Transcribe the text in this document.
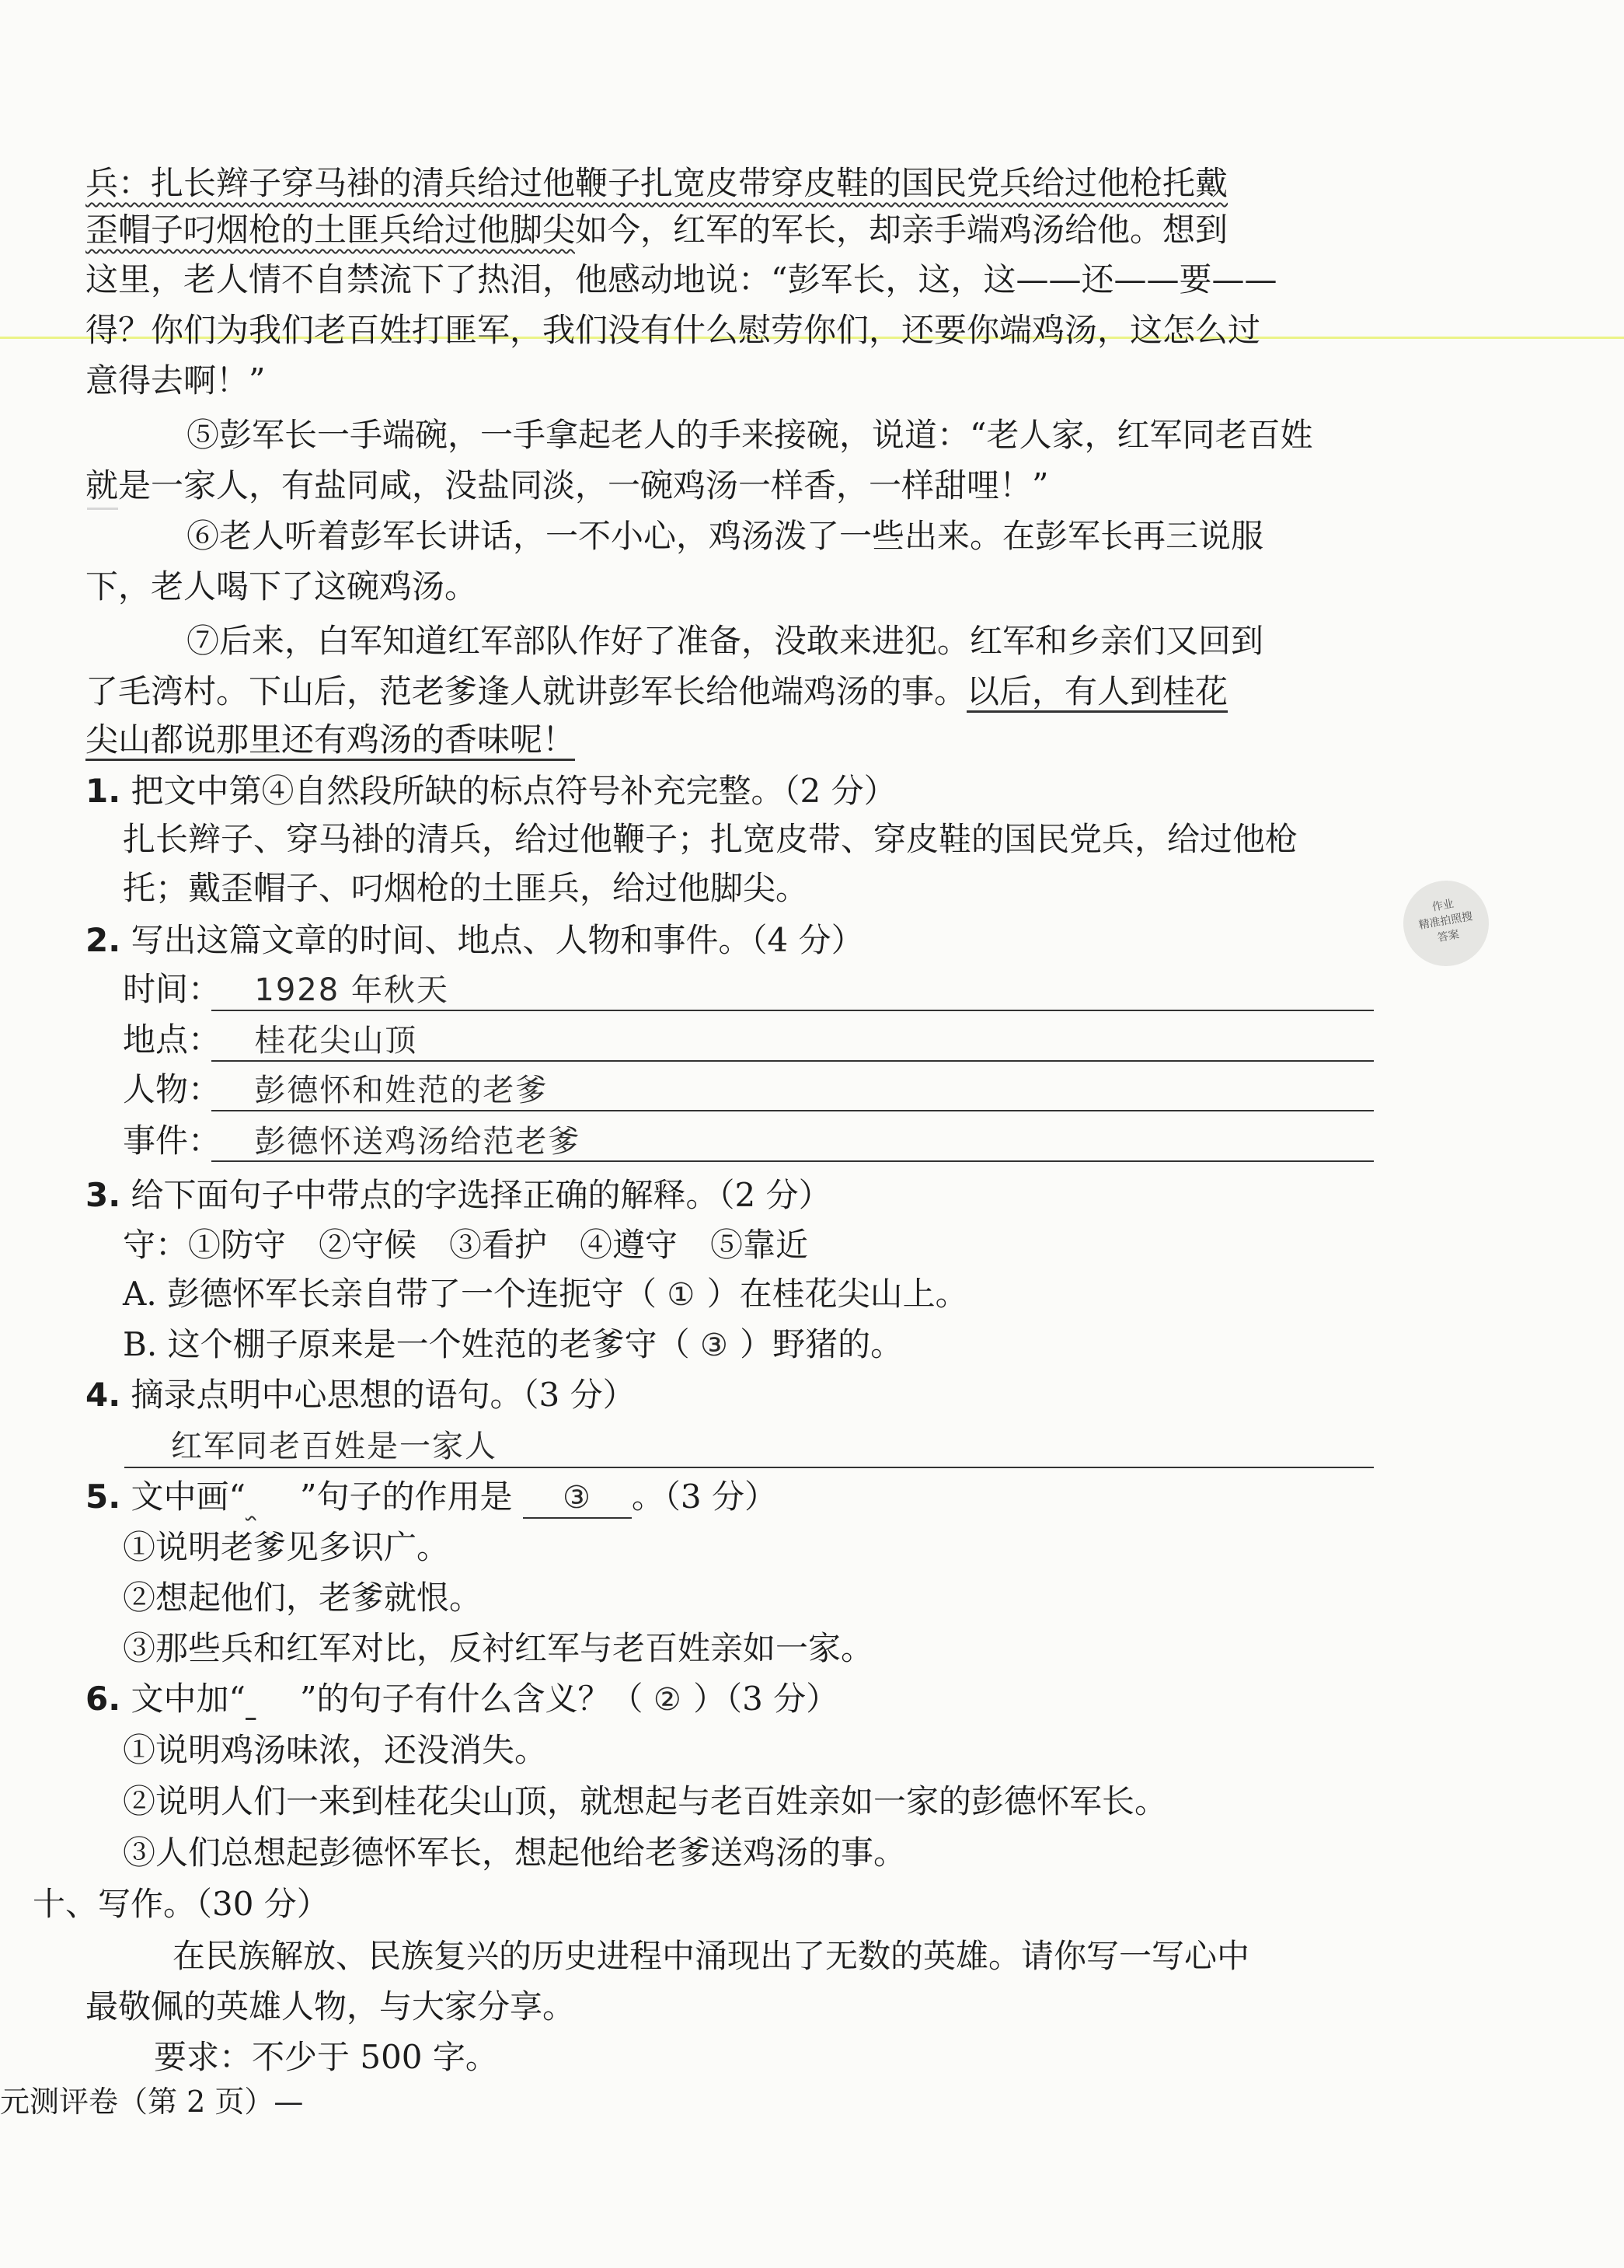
兵：扎长辫子穿马褂的清兵给过他鞭子扎宽皮带穿皮鞋的国民党兵给过他枪托戴
歪帽子叼烟枪的土匪兵给过他脚尖如今，红军的军长，却亲手端鸡汤给他。想到
这里，老人情不自禁流下了热泪，他感动地说：“彭军长，这，这——还——要——
得？你们为我们老百姓打匪军，我们没有什么慰劳你们，还要你端鸡汤，这怎么过
意得去啊！”
⑤彭军长一手端碗，一手拿起老人的手来接碗，说道：“老人家，红军同老百姓
就是一家人，有盐同咸，没盐同淡，一碗鸡汤一样香，一样甜哩！”
⑥老人听着彭军长讲话，一不小心，鸡汤泼了一些出来。在彭军长再三说服
下，老人喝下了这碗鸡汤。
⑦后来，白军知道红军部队作好了准备，没敢来进犯。红军和乡亲们又回到
了毛湾村。下山后，范老爹逢人就讲彭军长给他端鸡汤的事。以后，有人到桂花
尖山都说那里还有鸡汤的香味呢！
1. 把文中第④自然段所缺的标点符号补充完整。（2 分）
扎长辫子、穿马褂的清兵，给过他鞭子；扎宽皮带、穿皮鞋的国民党兵，给过他枪
托；戴歪帽子、叼烟枪的土匪兵，给过他脚尖。	作业
精准拍照搜
答案
2. 写出这篇文章的时间、地点、人物和事件。（4 分）
时间： 1928 年秋天
地点： 桂花尖山顶
人物： 彭德怀和姓范的老爹
事件： 彭德怀送鸡汤给范老爹
3. 给下面句子中带点的字选择正确的解释。（2 分）
守：①防守　②守候　③看护　④遵守　⑤靠近
A. 彭德怀军长亲自带了一个连扼守（ ① ）在桂花尖山上。
B. 这个棚子原来是一个姓范的老爹守（ ③ ）野猪的。
4. 摘录点明中心思想的语句。（3 分）
红军同老百姓是一家人
5. 文中画“ ”句子的作用是 ③ 。（3 分）
①说明老爹见多识广。
②想起他们，老爹就恨。
③那些兵和红军对比，反衬红军与老百姓亲如一家。
6. 文中加“ ”的句子有什么含义？（ ② ）（3 分）
①说明鸡汤味浓，还没消失。
②说明人们一来到桂花尖山顶，就想起与老百姓亲如一家的彭德怀军长。
③人们总想起彭德怀军长，想起他给老爹送鸡汤的事。
十、写作。（30 分）
在民族解放、民族复兴的历史进程中涌现出了无数的英雄。请你写一写心中
最敬佩的英雄人物，与大家分享。
要求：不少于 500 字。
元测评卷（第 2 页）—
